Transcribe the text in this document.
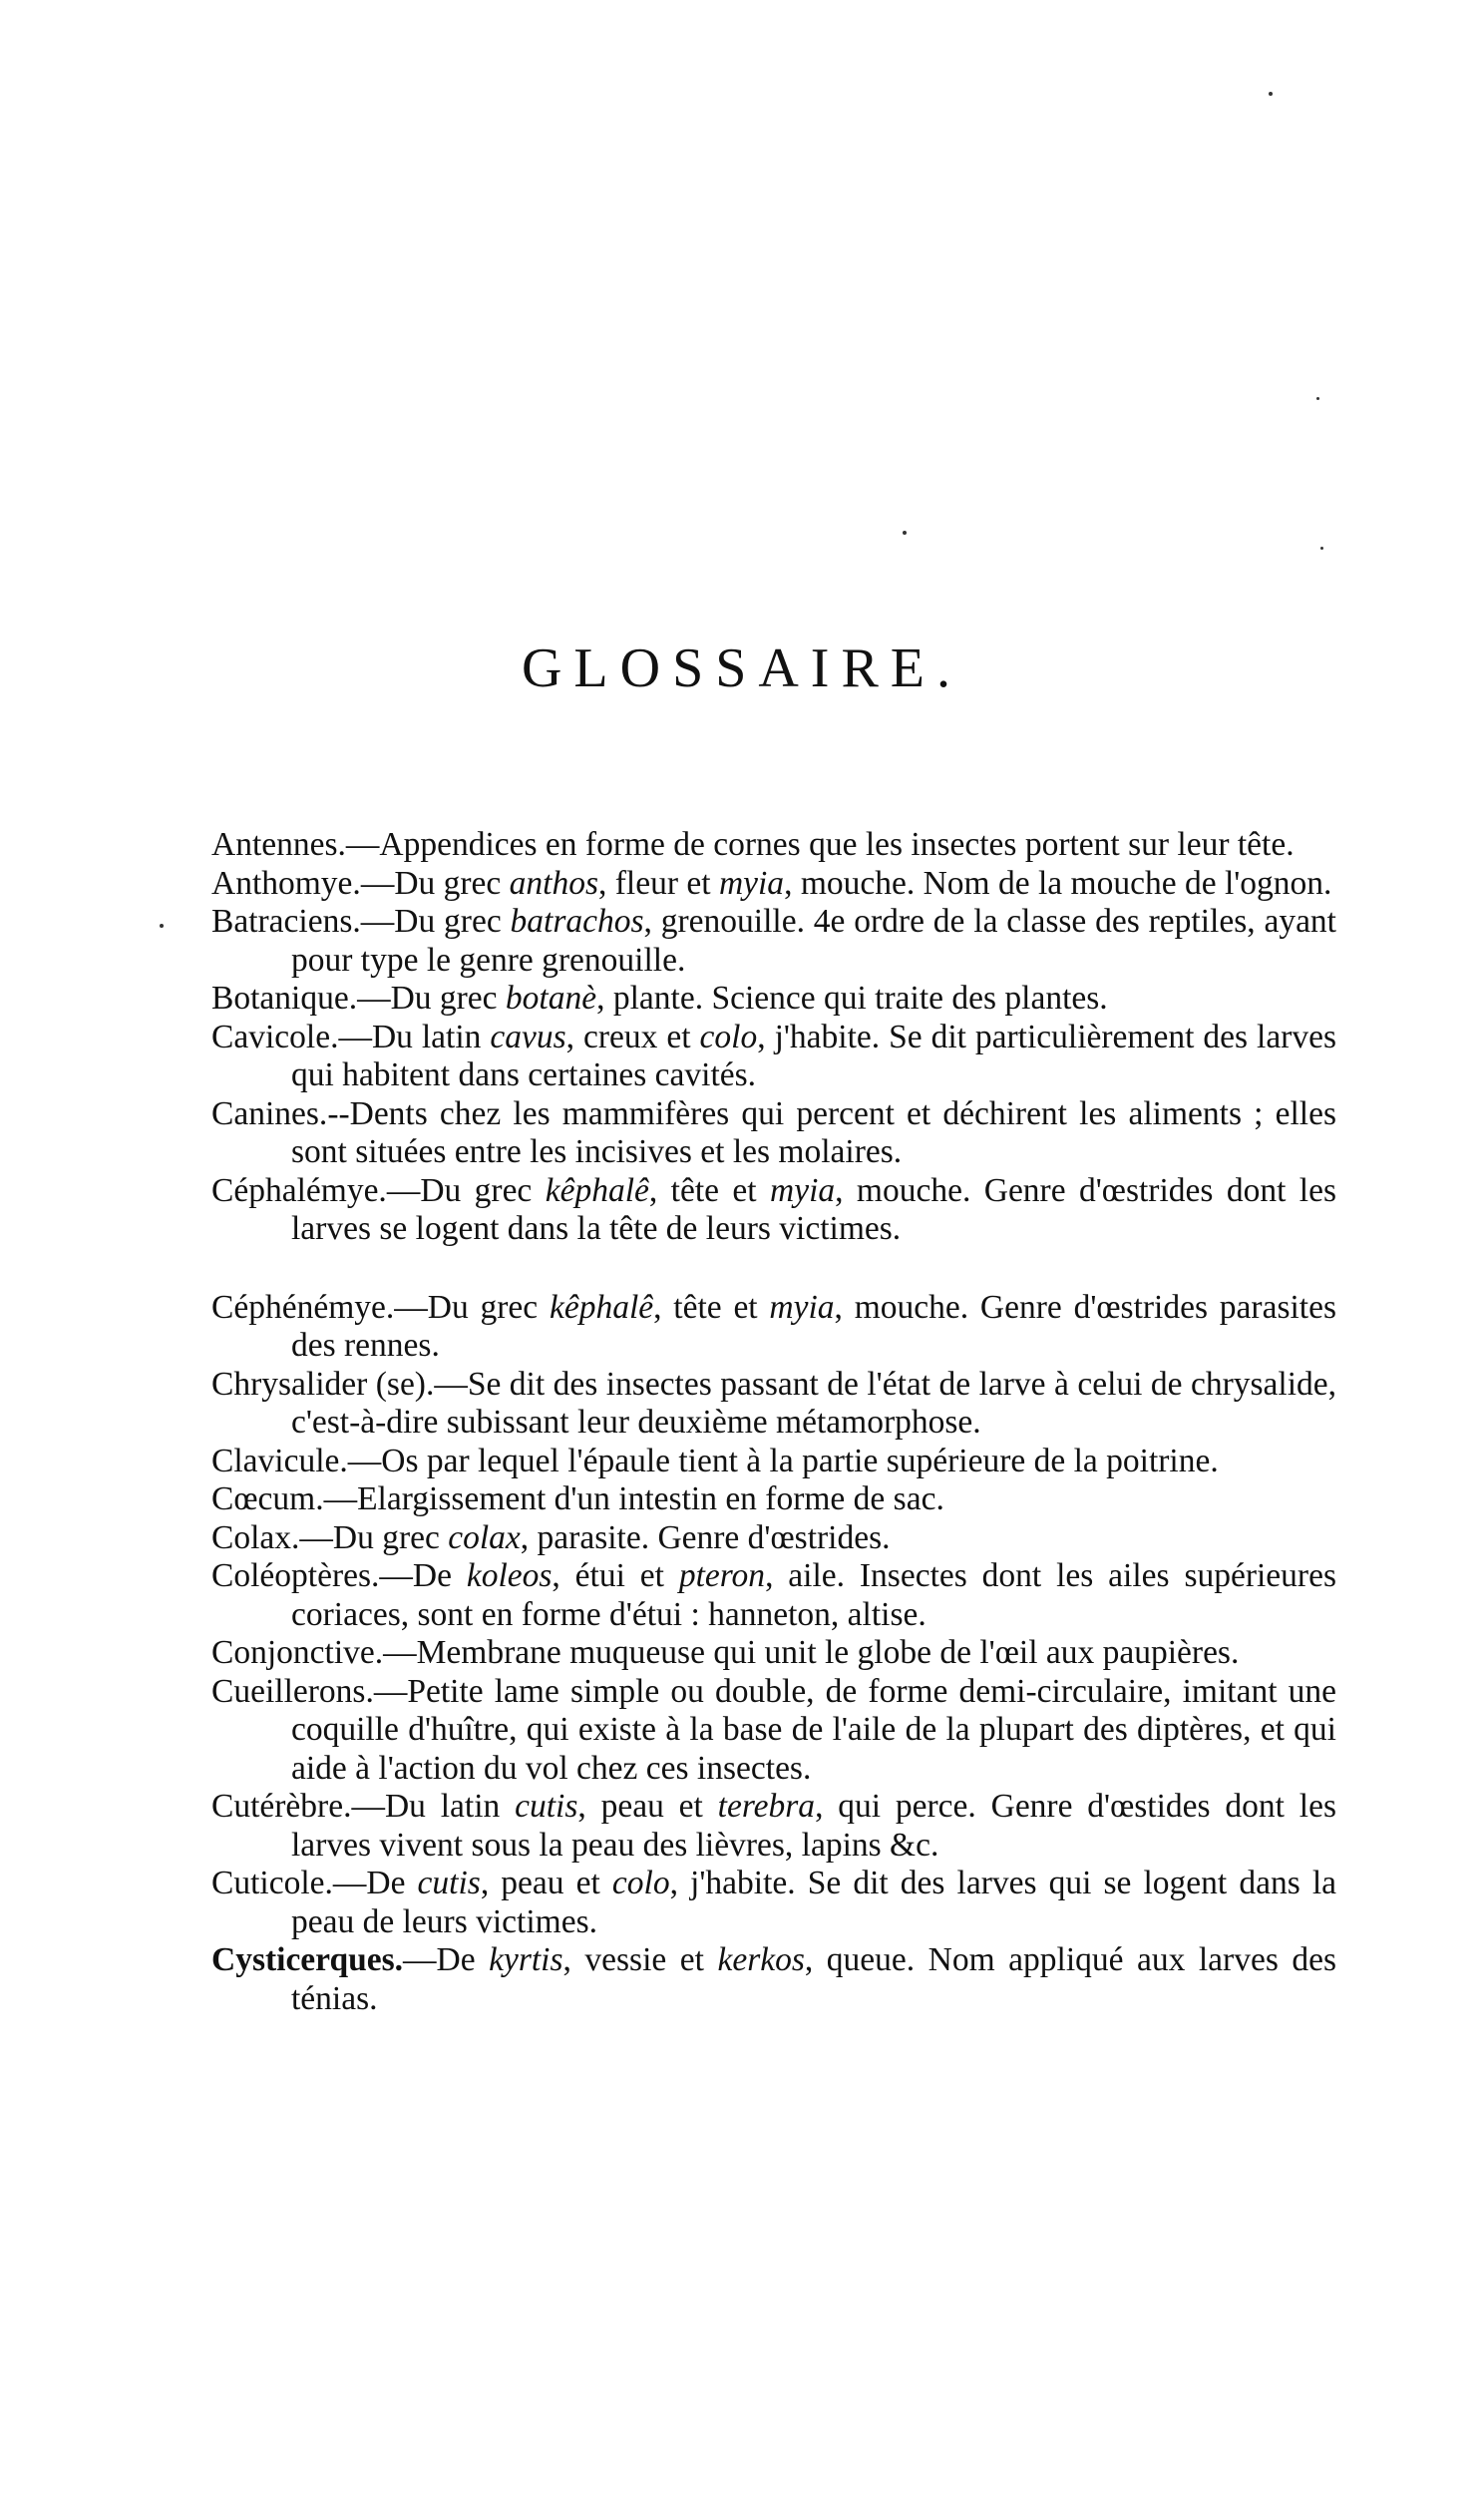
GLOSSAIRE.

Antennes.—Appendices en forme de cornes que les insectes portent sur leur tête.

Anthomye.—Du grec anthos, fleur et myia, mouche. Nom de la mouche de l'ognon.

Batraciens.—Du grec batrachos, grenouille. 4e ordre de la classe des reptiles, ayant pour type le genre grenouille.

Botanique.—Du grec botanè, plante. Science qui traite des plantes.

Cavicole.—Du latin cavus, creux et colo, j'habite. Se dit particulièrement des larves qui habitent dans certaines cavités.

Canines.--Dents chez les mammifères qui percent et déchirent les aliments ; elles sont situées entre les incisives et les molaires.

Céphalémye.—Du grec kêphalê, tête et myia, mouche. Genre d'œstrides dont les larves se logent dans la tête de leurs victimes.

Céphénémye.—Du grec kêphalê, tête et myia, mouche. Genre d'œstrides parasites des rennes.

Chrysalider (se).—Se dit des insectes passant de l'état de larve à celui de chrysalide, c'est-à-dire subissant leur deuxième métamorphose.

Clavicule.—Os par lequel l'épaule tient à la partie supérieure de la poitrine.

Cœcum.—Elargissement d'un intestin en forme de sac.

Colax.—Du grec colax, parasite. Genre d'œstrides.

Coléoptères.—De koleos, étui et pteron, aile. Insectes dont les ailes supérieures coriaces, sont en forme d'étui : hanneton, altise.

Conjonctive.—Membrane muqueuse qui unit le globe de l'œil aux paupières.

Cueillerons.—Petite lame simple ou double, de forme demi-circulaire, imitant une coquille d'huître, qui existe à la base de l'aile de la plupart des diptères, et qui aide à l'action du vol chez ces insectes.

Cutérèbre.—Du latin cutis, peau et terebra, qui perce. Genre d'œstides dont les larves vivent sous la peau des lièvres, lapins &c.

Cuticole.—De cutis, peau et colo, j'habite. Se dit des larves qui se logent dans la peau de leurs victimes.

Cysticerques.—De kyrtis, vessie et kerkos, queue. Nom appliqué aux larves des ténias.
